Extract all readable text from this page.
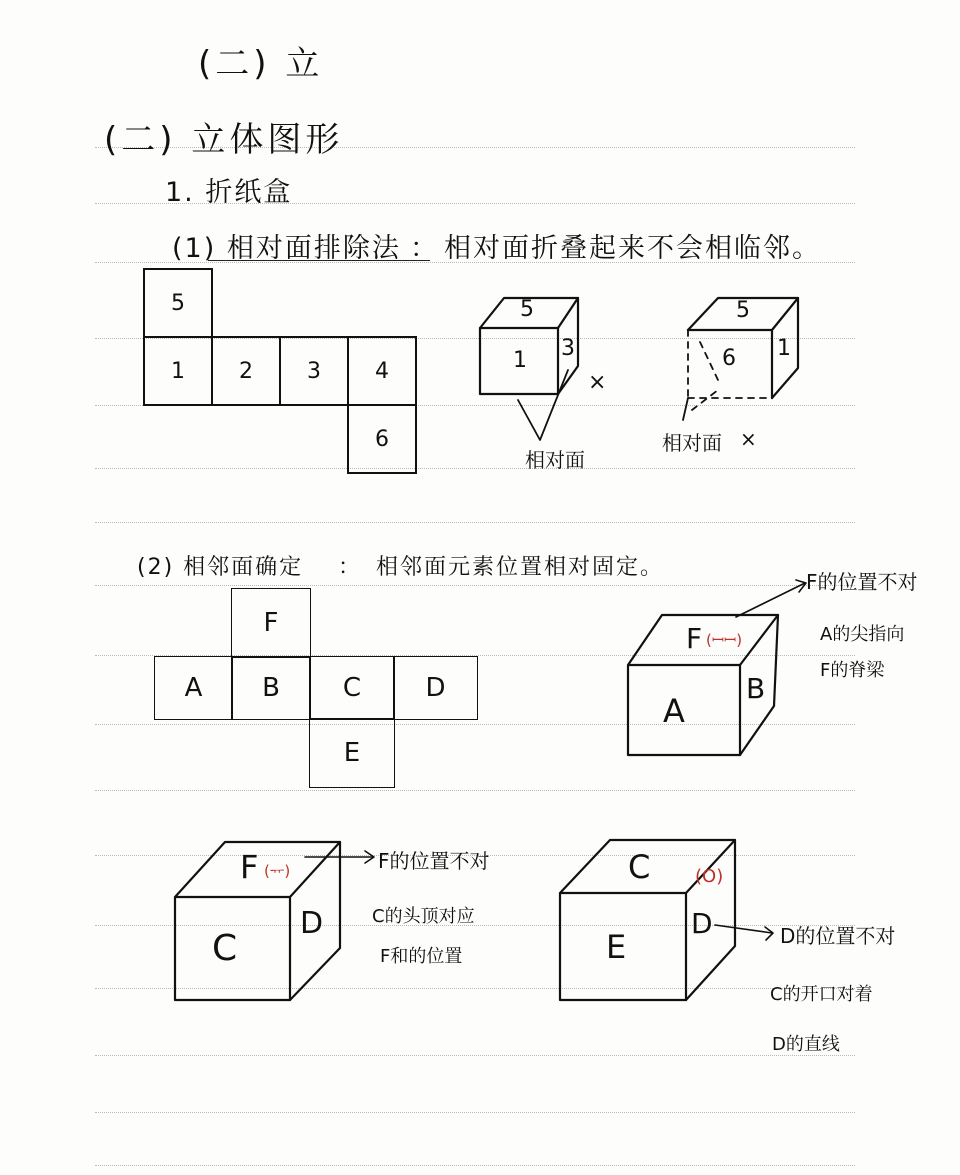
(二) 立
(二) 立体图形
1. 折纸盒
(1) 相对面排除法 ： 相对面折叠起来不会相临邻。
5
1	2	3	4
6
5
1 3
×
相对面
5
6 1
相对面 ×
(2) 相邻面确定 ： 相邻面元素位置相对固定。
F
A	B	C	D
E
F (ꟷꟷ)
A
B
F的位置不对
A的尖指向
F的脊梁
F (ᅲ)
C
D
F的位置不对
C的头顶对应
F和的位置
C (O)
E
D	D的位置不对
C的开口对着
D的直线
